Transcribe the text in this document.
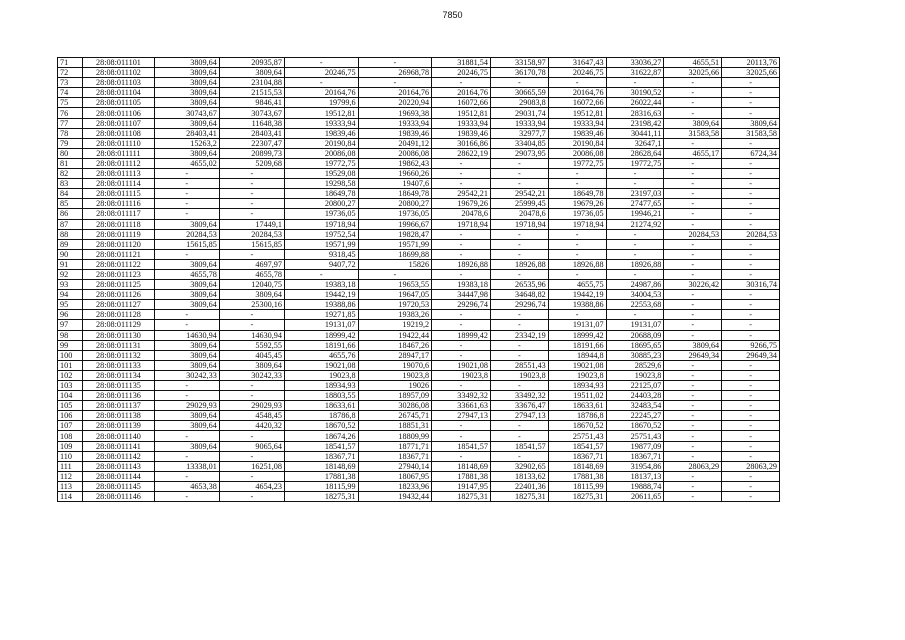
7850
71	28:08:011101	3809,64	20935,87	-	-	31881,54	33158,97	31647,43	33036,27	4655,51	20113,76
72	28:08:011102	3809,64	3809,64	20246,75	26968,78	20246,75	36170,78	20246,75	31622,87	32025,66	32025,66
73	28:08:011103	3809,64	23104,88	-	-	-	-	-	-	-	-
74	28:08:011104	3809,64	21515,53	20164,76	20164,76	20164,76	30665,59	20164,76	30190,52	-	-
75	28:08:011105	3809,64	9846,41	19799,6	20220,94	16072,66	29083,8	16072,66	26022,44	-	-
76	28:08:011106	30743,67	30743,67	19512,81	19693,38	19512,81	29031,74	19512,81	28316,63	-	-
77	28:08:011107	3809,64	11648,38	19333,94	19333,94	19333,94	19333,94	19333,94	23198,42	3809,64	3809,64
78	28:08:011108	28403,41	28403,41	19839,46	19839,46	19839,46	32977,7	19839,46	30441,11	31583,58	31583,58
79	28:08:011110	15263,2	22307,47	20190,84	20491,12	30166,86	33404,85	20190,84	32647,1	-	-
80	28:08:011111	3809,64	20899,73	20086,08	20086,08	28622,19	29073,95	20086,08	28628,64	4655,17	6724,34
81	28:08:011112	4655,02	5209,68	19772,75	19862,43	-	-	19772,75	19772,75	-	-
82	28:08:011113	-	-	19529,08	19660,26	-	-	-	-	-	-
83	28:08:011114	-	-	19298,58	19407,6	-	-	-	-	-	-
84	28:08:011115	-	-	18649,78	18649,78	29542,21	29542,21	18649,78	23197,03	-	-
85	28:08:011116	-	-	20800,27	20800,27	19679,26	25999,45	19679,26	27477,65	-	-
86	28:08:011117	-	-	19736,05	19736,05	20478,6	20478,6	19736,05	19946,21	-	-
87	28:08:011118	3809,64	17449,1	19718,94	19966,67	19718,94	19718,94	19718,94	21274,92	-	-
88	28:08:011119	20284,53	20284,53	19752,54	19828,47	-	-	-	-	20284,53	20284,53
89	28:08:011120	15615,85	15615,85	19571,99	19571,99	-	-	-	-	-	-
90	28:08:011121	-	-	9318,45	18699,88	-	-	-	-	-	-
91	28:08:011122	3809,64	4697,97	9407,72	15826	18926,88	18926,88	18926,88	18926,88	-	-
92	28:08:011123	4655,78	4655,78	-	-	-	-	-	-	-	-
93	28:08:011125	3809,64	12040,75	19383,18	19653,55	19383,18	26535,96	4655,75	24987,86	30226,42	30316,74
94	28:08:011126	3809,64	3809,64	19442,19	19647,05	34447,98	34648,82	19442,19	34004,53	-	-
95	28:08:011127	3809,64	25300,16	19388,86	19720,53	29296,74	29296,74	19388,86	22553,68	-	-
96	28:08:011128	-	-	19271,85	19383,26	-	-	-	-	-	-
97	28:08:011129	-	-	19131,07	19219,2	-	-	19131,07	19131,07	-	-
98	28:08:011130	14630,94	14630,94	18999,42	19422,44	18999,42	23342,19	18999,42	20688,09	-	-
99	28:08:011131	3809,64	5592,55	18191,66	18467,26	-	-	18191,66	18695,65	3809,64	9266,75
100	28:08:011132	3809,64	4045,45	4655,76	28947,17	-	-	18944,8	30885,23	29649,34	29649,34
101	28:08:011133	3809,64	3809,64	19021,08	19070,6	19021,08	28551,43	19021,08	28529,6	-	-
102	28:08:011134	30242,33	30242,33	19023,8	19023,8	19023,8	19023,8	19023,8	19023,8	-	-
103	28:08:011135	-	-	18934,93	19026	-	-	18934,93	22125,07	-	-
104	28:08:011136	-	-	18803,55	18957,09	33492,32	33492,32	19511,02	24403,28	-	-
105	28:08:011137	29029,93	29029,93	18633,61	30286,08	33661,63	33676,47	18633,61	32483,54	-	-
106	28:08:011138	3809,64	4548,45	18786,8	26745,71	27947,13	27947,13	18786,8	22245,27	-	-
107	28:08:011139	3809,64	4420,32	18670,52	18851,31	-	-	18670,52	18670,52	-	-
108	28:08:011140	-	-	18674,26	18809,99	-	-	25751,43	25751,43	-	-
109	28:08:011141	3809,64	9065,64	18541,57	18771,71	18541,57	18541,57	18541,57	19877,09	-	-
110	28:08:011142	-	-	18367,71	18367,71	-	-	18367,71	18367,71	-	-
111	28:08:011143	13338,01	16251,08	18148,69	27940,14	18148,69	32902,65	18148,69	31954,86	28063,29	28063,29
112	28:08:011144	-	-	17881,38	18067,95	17881,38	18133,62	17881,38	18137,13	-	-
113	28:08:011145	4653,38	4654,23	18115,99	18233,96	19147,95	22401,36	18115,99	19888,74	-	-
114	28:08:011146	-	-	18275,31	19432,44	18275,31	18275,31	18275,31	20611,65	-	-
